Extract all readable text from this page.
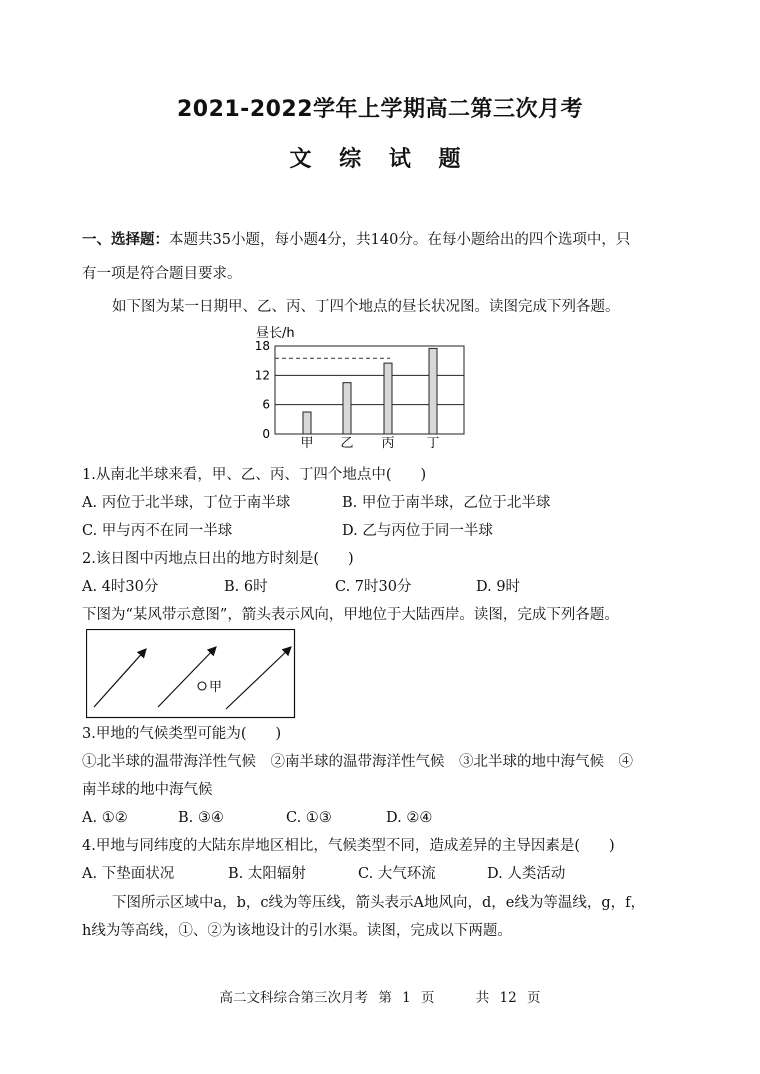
2021-2022学年上学期高二第三次月考
文 综 试 题
一、选择题：本题共35小题，每小题4分，共140分。在每小题给出的四个选项中，只
有一项是符合题目要求。
如下图为某一日期甲、乙、丙、丁四个地点的昼长状况图。读图完成下列各题。
昼长/h
18
12
6
0
甲 乙 丙 丁
1.从南北半球来看，甲、乙、丙、丁四个地点中(　　)
A. 丙位于北半球，丁位于南半球	B. 甲位于南半球，乙位于北半球
C. 甲与丙不在同一半球	D. 乙与丙位于同一半球
2.该日图中丙地点日出的地方时刻是(　　)
A. 4时30分	B. 6时	C. 7时30分	D. 9时
下图为“某风带示意图”，箭头表示风向，甲地位于大陆西岸。读图，完成下列各题。
甲
3.甲地的气候类型可能为(　　)
①北半球的温带海洋性气候　②南半球的温带海洋性气候　③北半球的地中海气候　④
南半球的地中海气候
A. ①②	B. ③④	C. ①③	D. ②④
4.甲地与同纬度的大陆东岸地区相比，气候类型不同，造成差异的主导因素是(　　)
A. 下垫面状况	B. 太阳辐射	C. 大气环流	D. 人类活动
下图所示区域中a，b，c线为等压线，箭头表示A地风向，d，e线为等温线，g，f，
h线为等高线，①、②为该地设计的引水渠。读图，完成以下两题。
高二文科综合第三次月考 第 1 页	共 12 页
